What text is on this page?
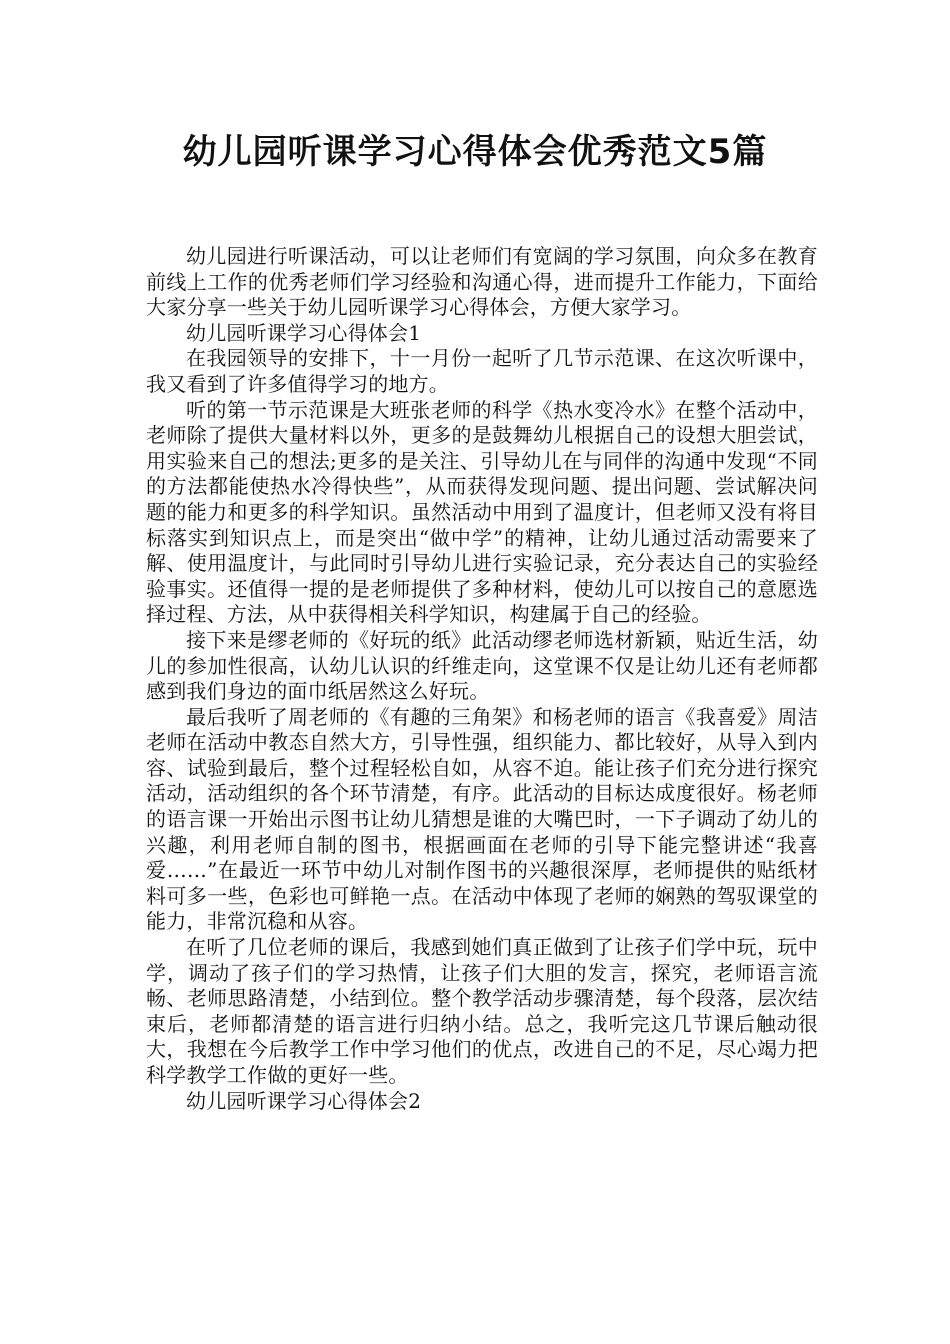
幼儿园听课学习心得体会优秀范文5篇

幼儿园进行听课活动，可以让老师们有宽阔的学习氛围，向众多在教育前线上工作的优秀老师们学习经验和沟通心得，进而提升工作能力，下面给大家分享一些关于幼儿园听课学习心得体会，方便大家学习。

幼儿园听课学习心得体会1

在我园领导的安排下，十一月份一起听了几节示范课、在这次听课中，我又看到了许多值得学习的地方。

听的第一节示范课是大班张老师的科学《热水变冷水》在整个活动中，老师除了提供大量材料以外，更多的是鼓舞幼儿根据自己的设想大胆尝试，用实验来自己的想法;更多的是关注、引导幼儿在与同伴的沟通中发现“不同的方法都能使热水冷得快些”，从而获得发现问题、提出问题、尝试解决问题的能力和更多的科学知识。虽然活动中用到了温度计，但老师又没有将目标落实到知识点上，而是突出“做中学”的精神，让幼儿通过活动需要来了解、使用温度计，与此同时引导幼儿进行实验记录，充分表达自己的实验经验事实。还值得一提的是老师提供了多种材料，使幼儿可以按自己的意愿选择过程、方法，从中获得相关科学知识，构建属于自己的经验。

接下来是缪老师的《好玩的纸》此活动缪老师选材新颖，贴近生活，幼儿的参加性很高，认幼儿认识的纤维走向，这堂课不仅是让幼儿还有老师都感到我们身边的面巾纸居然这么好玩。

最后我听了周老师的《有趣的三角架》和杨老师的语言《我喜爱》周洁老师在活动中教态自然大方，引导性强，组织能力、都比较好，从导入到内容、试验到最后，整个过程轻松自如，从容不迫。能让孩子们充分进行探究活动，活动组织的各个环节清楚，有序。此活动的目标达成度很好。杨老师的语言课一开始出示图书让幼儿猜想是谁的大嘴巴时，一下子调动了幼儿的兴趣，利用老师自制的图书，根据画面在老师的引导下能完整讲述“我喜爱……”在最近一环节中幼儿对制作图书的兴趣很深厚，老师提供的贴纸材料可多一些，色彩也可鲜艳一点。在活动中体现了老师的娴熟的驾驭课堂的能力，非常沉稳和从容。

在听了几位老师的课后，我感到她们真正做到了让孩子们学中玩，玩中学，调动了孩子们的学习热情，让孩子们大胆的发言，探究，老师语言流畅、老师思路清楚，小结到位。整个教学活动步骤清楚，每个段落，层次结束后，老师都清楚的语言进行归纳小结。总之，我听完这几节课后触动很大，我想在今后教学工作中学习他们的优点，改进自己的不足，尽心竭力把科学教学工作做的更好一些。

幼儿园听课学习心得体会2
